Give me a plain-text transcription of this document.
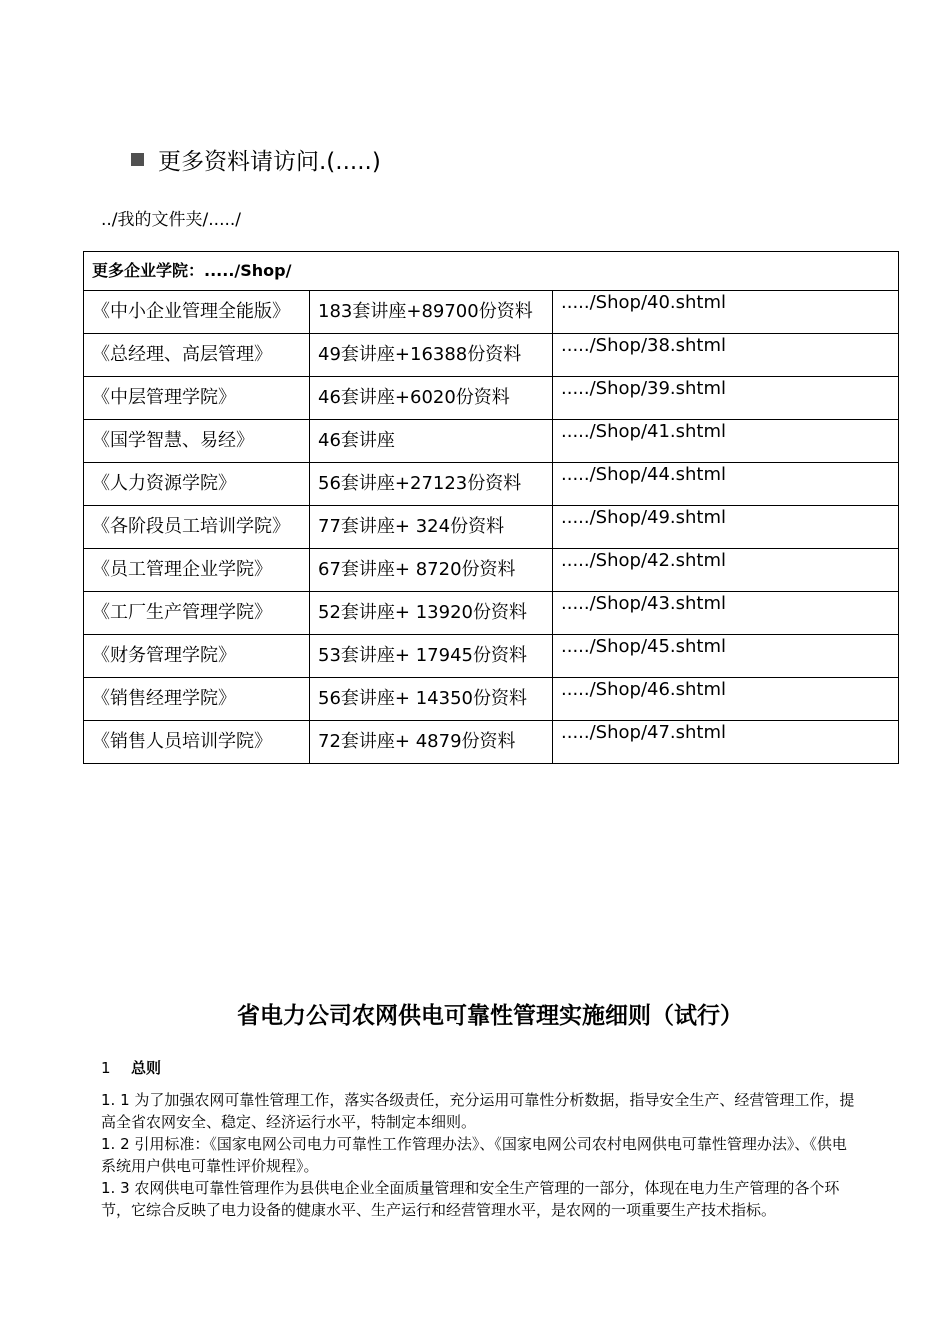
更多资料请访问.(.....)
../我的文件夹/...../
更多企业学院：...../Shop/		
《中小企业管理全能版》	183套讲座+89700份资料	...../Shop/40.shtml
《总经理、高层管理》	49套讲座+16388份资料	...../Shop/38.shtml
《中层管理学院》	46套讲座+6020份资料	...../Shop/39.shtml
《国学智慧、易经》	46套讲座	...../Shop/41.shtml
《人力资源学院》	56套讲座+27123份资料	...../Shop/44.shtml
《各阶段员工培训学院》	77套讲座+ 324份资料	...../Shop/49.shtml
《员工管理企业学院》	67套讲座+ 8720份资料	...../Shop/42.shtml
《工厂生产管理学院》	52套讲座+ 13920份资料	...../Shop/43.shtml
《财务管理学院》	53套讲座+ 17945份资料	...../Shop/45.shtml
《销售经理学院》	56套讲座+ 14350份资料	...../Shop/46.shtml
《销售人员培训学院》	72套讲座+ 4879份资料	...../Shop/47.shtml
省电力公司农网供电可靠性管理实施细则（试行）
1 总则

1. 1 为了加强农网可靠性管理工作，落实各级责任，充分运用可靠性分析数据，指导安全生产、经营管理工作，提高全省农网安全、稳定、经济运行水平，特制定本细则。

1. 2 引用标准：《国家电网公司电力可靠性工作管理办法》、《国家电网公司农村电网供电可靠性管理办法》、《供电系统用户供电可靠性评价规程》。

1. 3 农网供电可靠性管理作为县供电企业全面质量管理和安全生产管理的一部分，体现在电力生产管理的各个环节，它综合反映了电力设备的健康水平、生产运行和经营管理水平，是农网的一项重要生产技术指标。
